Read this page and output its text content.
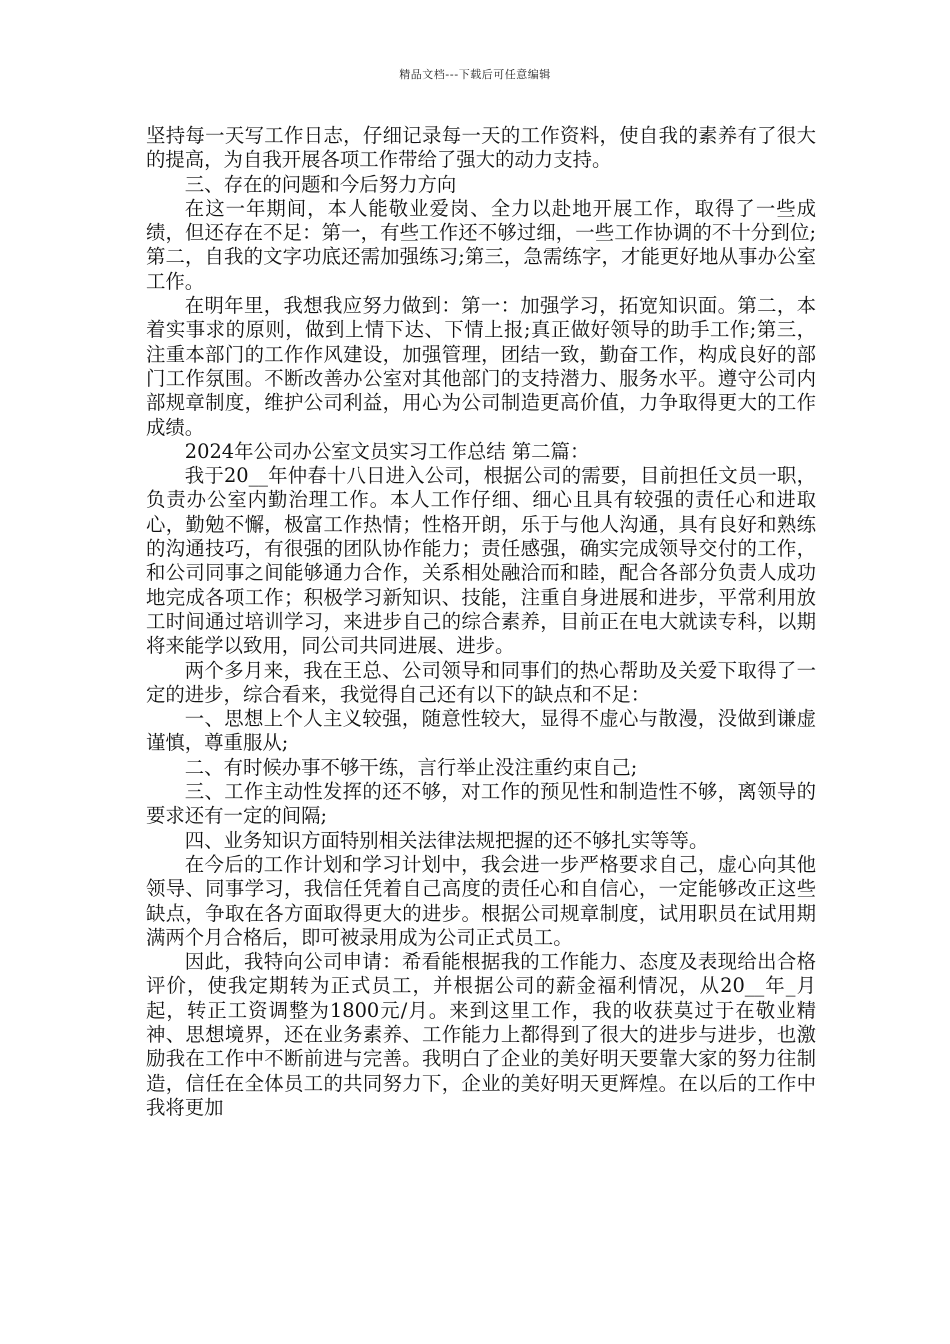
精品文档---下载后可任意编辑

坚持每一天写工作日志，仔细记录每一天的工作资料，使自我的素养有了很大的提高，为自我开展各项工作带给了强大的动力支持。

三、存在的问题和今后努力方向

在这一年期间，本人能敬业爱岗、全力以赴地开展工作，取得了一些成绩，但还存在不足：第一，有些工作还不够过细，一些工作协调的不十分到位;第二，自我的文字功底还需加强练习;第三，急需练字，才能更好地从事办公室工作。

在明年里，我想我应努力做到：第一：加强学习，拓宽知识面。第二，本着实事求的原则，做到上情下达、下情上报;真正做好领导的助手工作;第三，注重本部门的工作作风建设，加强管理，团结一致，勤奋工作，构成良好的部门工作氛围。不断改善办公室对其他部门的支持潜力、服务水平。遵守公司内部规章制度，维护公司利益，用心为公司制造更高价值，力争取得更大的工作成绩。

2024年公司办公室文员实习工作总结 第二篇：

我于20__年仲春十八日进入公司，根据公司的需要，目前担任文员一职，负责办公室内勤治理工作。本人工作仔细、细心且具有较强的责任心和进取心，勤勉不懈，极富工作热情；性格开朗，乐于与他人沟通，具有良好和熟练的沟通技巧，有很强的团队协作能力；责任感强，确实完成领导交付的工作，和公司同事之间能够通力合作，关系相处融洽而和睦，配合各部分负责人成功地完成各项工作；积极学习新知识、技能，注重自身进展和进步，平常利用放工时间通过培训学习，来进步自己的综合素养，目前正在电大就读专科，以期将来能学以致用，同公司共同进展、进步。

两个多月来，我在王总、公司领导和同事们的热心帮助及关爱下取得了一定的进步，综合看来，我觉得自己还有以下的缺点和不足：

一、思想上个人主义较强，随意性较大，显得不虚心与散漫，没做到谦虚谨慎，尊重服从;

二、有时候办事不够干练，言行举止没注重约束自己;

三、工作主动性发挥的还不够，对工作的预见性和制造性不够，离领导的要求还有一定的间隔;

四、业务知识方面特别相关法律法规把握的还不够扎实等等。

在今后的工作计划和学习计划中，我会进一步严格要求自己，虚心向其他领导、同事学习，我信任凭着自己高度的责任心和自信心，一定能够改正这些缺点，争取在各方面取得更大的进步。根据公司规章制度，试用职员在试用期满两个月合格后，即可被录用成为公司正式员工。

因此，我特向公司申请：希看能根据我的工作能力、态度及表现给出合格评价，使我定期转为正式员工，并根据公司的薪金福利情况，从20__年_月起，转正工资调整为1800元/月。来到这里工作，我的收获莫过于在敬业精神、思想境界，还在业务素养、工作能力上都得到了很大的进步与进步，也激励我在工作中不断前进与完善。我明白了企业的美好明天要靠大家的努力往制造，信任在全体员工的共同努力下，企业的美好明天更辉煌。在以后的工作中我将更加
